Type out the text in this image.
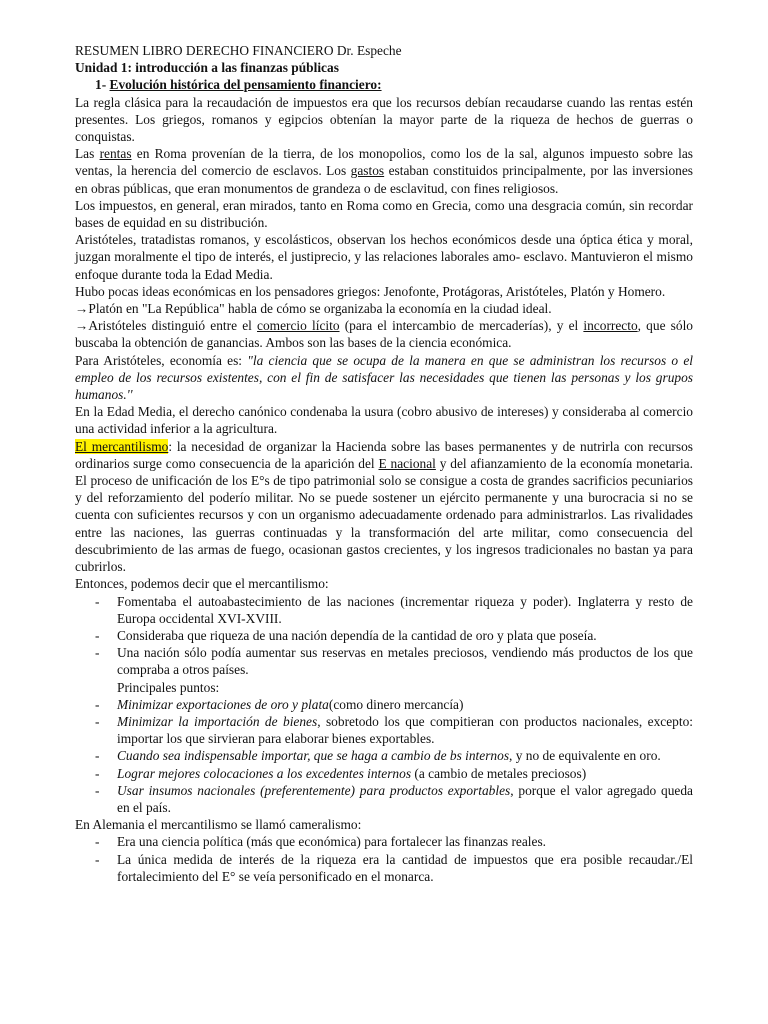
RESUMEN LIBRO DERECHO FINANCIERO Dr. Espeche

Unidad 1: introducción a las finanzas públicas

1- Evolución histórica del pensamiento financiero:

La regla clásica para la recaudación de impuestos era que los recursos debían recaudarse cuando las rentas estén presentes. Los griegos, romanos y egipcios obtenían la mayor parte de la riqueza de hechos de guerras o conquistas.

Las rentas en Roma provenían de la tierra, de los monopolios, como los de la sal, algunos impuesto sobre las ventas, la herencia del comercio de esclavos. Los gastos estaban constituidos principalmente, por las inversiones en obras públicas, que eran monumentos de grandeza o de esclavitud, con fines religiosos.

Los impuestos, en general, eran mirados, tanto en Roma como en Grecia, como una desgracia común, sin recordar bases de equidad en su distribución.

Aristóteles, tratadistas romanos, y escolásticos, observan los hechos económicos desde una óptica ética y moral, juzgan moralmente el tipo de interés, el justiprecio, y las relaciones laborales amo- esclavo. Mantuvieron el mismo enfoque durante toda la Edad Media.

Hubo pocas ideas económicas en los pensadores griegos: Jenofonte, Protágoras, Aristóteles, Platón y Homero.

→Platón en "La República" habla de cómo se organizaba la economía en la ciudad ideal.

→Aristóteles distinguió entre el comercio lícito (para el intercambio de mercaderías), y el incorrecto, que sólo buscaba la obtención de ganancias. Ambos son las bases de la ciencia económica.

Para Aristóteles, economía es: "la ciencia que se ocupa de la manera en que se administran los recursos o el empleo de los recursos existentes, con el fin de satisfacer las necesidades que tienen las personas y los grupos humanos.''

En la Edad Media, el derecho canónico condenaba la usura (cobro abusivo de intereses) y consideraba al comercio una actividad inferior a la agricultura.

El mercantilismo: la necesidad de organizar la Hacienda sobre las bases permanentes y de nutrirla con recursos ordinarios surge como consecuencia de la aparición del E nacional y del afianzamiento de la economía monetaria. El proceso de unificación de los E°s de tipo patrimonial solo se consigue a costa de grandes sacrificios pecuniarios y del reforzamiento del poderío militar. No se puede sostener un ejército permanente y una burocracia si no se cuenta con suficientes recursos y con un organismo adecuadamente ordenado para administrarlos. Las rivalidades entre las naciones, las guerras continuadas y la transformación del arte militar, como consecuencia del descubrimiento de las armas de fuego, ocasionan gastos crecientes, y los ingresos tradicionales no bastan ya para cubrirlos.

Entonces, podemos decir que el mercantilismo:

- Fomentaba el autoabastecimiento de las naciones (incrementar riqueza y poder). Inglaterra y resto de Europa occidental XVI-XVIII.
- Consideraba que riqueza de una nación dependía de la cantidad de oro y plata que poseía.
- Una nación sólo podía aumentar sus reservas en metales preciosos, vendiendo más productos de los que compraba a otros países.

Principales puntos:

- Minimizar exportaciones de oro y plata(como dinero mercancía)
- Minimizar la importación de bienes, sobretodo los que compitieran con productos nacionales, excepto: importar los que sirvieran para elaborar bienes exportables.
- Cuando sea indispensable importar, que se haga a cambio de bs internos, y no de equivalente en oro.
- Lograr mejores colocaciones a los excedentes internos (a cambio de metales preciosos)
- Usar insumos nacionales (preferentemente) para productos exportables, porque el valor agregado queda en el país.

En Alemania el mercantilismo se llamó cameralismo:

- Era una ciencia política (más que económica) para fortalecer las finanzas reales.
- La única medida de interés de la riqueza era la cantidad de impuestos que era posible recaudar./El fortalecimiento del E° se veía personificado en el monarca.
